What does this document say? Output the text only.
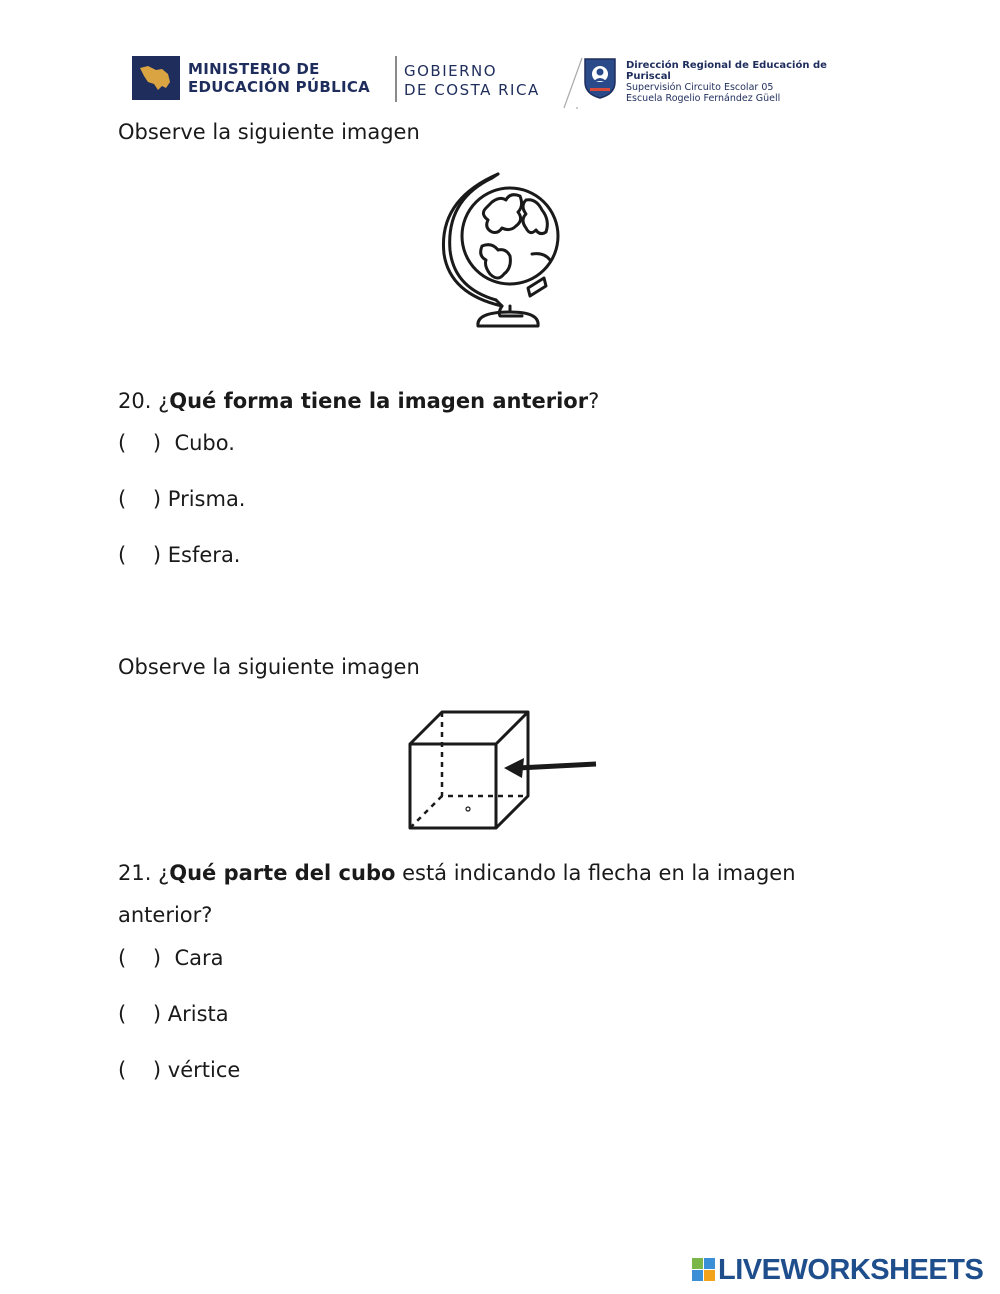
MINISTERIO DE
EDUCACIÓN PÚBLICA
GOBIERNO
DE COSTA RICA
Dirección Regional de Educación de Puriscal
Supervisión Circuito Escolar 05
Escuela Rogelio Fernández Güell
Observe la siguiente imagen
20. ¿Qué forma tiene la imagen anterior?
(    )  Cubo.
(    ) Prisma.
(    ) Esfera.
Observe la siguiente imagen
21. ¿Qué parte del cubo está indicando la flecha en la imagen
anterior?
(    )  Cara
(    ) Arista
(    ) vértice
LIVEWORKSHEETS
